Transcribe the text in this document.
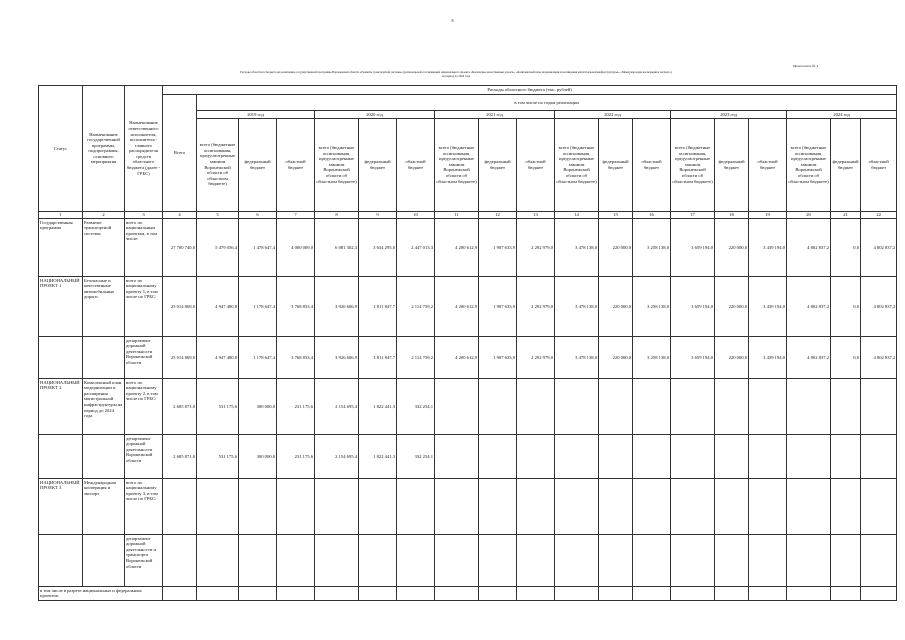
8
Приложение № 4
Расходы областного бюджета на реализацию государственной программы Воронежской области «Развитие транспортной системы» (региональной составляющей национального проекта «Безопасные качественные дороги», «Комплексный план модернизации и расширения магистральной инфраструктуры», «Международная кооперация и экспорт»)
на период до 2024 года
Статус	Наименование государственной программы, подпрограммы, основного мероприятия	Наименование ответственного исполнителя, исполнителя - главного распорядителя средств областного бюджета (далее - ГРБС)	Расходы областного бюджета (тыс. рублей)																		
			Всего	в том числе по годам реализации																	
				2019 год			2020 год			2021 год			2022 год			2023 год			2024 год		
				всего (бюджетные ассигнования, предусмотренные законом Воронежской области об областном бюджете)	федеральный бюджет	областной бюджет	всего (бюджетные ассигнования, предусмотренные законом Воронежской области об областном бюджете)	федеральный бюджет	областной бюджет	всего (бюджетные ассигнования, предусмотренные законом Воронежской области об областном бюджете)	федеральный бюджет	областной бюджет	всего (бюджетные ассигнования, предусмотренные законом Воронежской области об областном бюджете)	федеральный бюджет	областной бюджет	всего (бюджетные ассигнования, предусмотренные законом Воронежской области об областном бюджете)	федеральный бюджет	областной бюджет	всего (бюджетные ассигнования, предусмотренные законом Воронежской области об областном бюджете)	федеральный бюджет	областной бюджет
1	2	3	4	5	6	7	8	9	10	11	12	13	14	15	16	17	18	19	20	21	22
Государственная программа	Развитие транспортной системы	всего по национальным проектам, в том числе:	27 700 740,0	5 479 056,4	1 478 647,4	4 000 009,0	6 081 302,3	3 634 295,0	2 447 013,3	4 200 612,9	1 907 633,9	2 292 979,0	3 478 138,0	220 000,0	3 258 138,0	3 659 194,0	220 000,0	3 439 194,0	4 802 837,2	0,0	4 802 837,2
НАЦИОНАЛЬНЫЙ ПРОЕКТ 1	Безопасные и качественные автомобильные дороги	всего по национальному проекту 1, в том числе по ГРБС:	25 014 869,0	4 947 480,8	1 178 647,4	3 768 833,4	3 926 606,9	1 811 847,7	2 114 759,2	4 200 612,9	1 907 633,9	2 292 979,0	3 478 138,0	220 000,0	3 258 138,0	3 659 194,0	220 000,0	3 439 194,0	4 802 837,2	0,0	4 802 837,2
		департамент дорожной деятельности Воронежской области	25 014 869,0	4 947 480,8	1 178 647,4	3 768 833,4	3 926 606,9	1 811 847,7	2 114 759,2	4 200 612,9	1 907 633,9	2 292 979,0	3 478 138,0	220 000,0	3 258 138,0	3 659 194,0	220 000,0	3 439 194,0	4 802 837,2	0,0	4 802 837,2
НАЦИОНАЛЬНЫЙ ПРОЕКТ 2	Комплексный план модернизации и расширения магистральной инфраструктуры на период до 2024 года	всего по национальному проекту 2, в том числе по ГРБС:	2 685 871,0	531 175,6	300 000,0	231 175,6	2 154 695,4	1 822 441,3	332 254,1												
		департамент дорожной деятельности Воронежской области	2 685 871,0	531 175,6	300 000,0	231 175,6	2 154 695,4	1 822 441,3	332 254,1												
НАЦИОНАЛЬНЫЙ ПРОЕКТ 3	Международная кооперация и экспорт	всего по национальному проекту 3, в том числе по ГРБС:																			
		департамент дорожной деятельности и транспорта Воронежской области																			
в том числе в разрезе национальных и федеральных проектов:																					
